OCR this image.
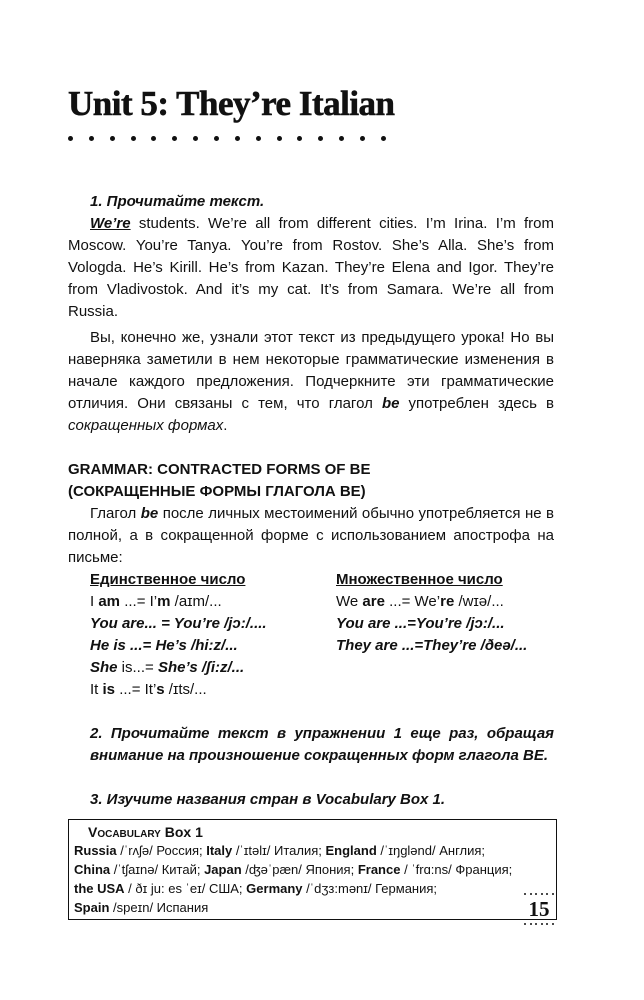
Unit 5: They’re Italian

1. Прочитайте текст.

We’re students. We’re all from different cities. I’m Irina. I’m from Moscow. You’re Tanya. You’re from Rostov. She’s Alla. She’s from Vologda. He’s Kirill. He’s from Kazan. They’re Elena and Igor. They’re from Vladivostok. And it’s my cat. It’s from Samara. We’re all from Russia.

Вы, конечно же, узнали этот текст из предыдущего урока! Но вы наверняка заметили в нем некоторые грамматические изменения в начале каждого предложения. Подчеркните эти грамматические отличия. Они связаны с тем, что глагол be употреблен здесь в сокращенных формах.

GRAMMAR: CONTRACTED FORMS OF BE

(СОКРАЩЕННЫЕ ФОРМЫ ГЛАГОЛА BE)

Глагол be после личных местоимений обычно употребляется не в полной, а в сокращенной форме с использованием апострофа на письме:

Единственное число
I am ...= I’m /aɪm/...
You are... = You’re /jɔ:/....
He is ...= He’s /hi:z/...
She is...= She’s /ʃi:z/...
It is ...= It’s /ɪts/...
Множественное число
We are ...= We’re /wɪə/...
You are ...=You’re /jɔ:/...
They are ...=They’re /ðeə/...

2. Прочитайте текст в упражнении 1 еще раз, обращая внимание на произношение сокращенных форм глагола BE.

3. Изучите названия стран в Vocabulary Box 1.

Vocabulary Box 1

Russia /ˈrʌʃə/ Россия; Italy /ˈɪtəlɪ/ Италия; England /ˈɪŋglənd/ Англия;
China /ˈtʃaɪnə/ Китай; Japan /ʤəˈpæn/ Япония; France / ˈfrɑ:ns/ Франция;
the USA / ðɪ ju: es ˈeɪ/ США; Germany /ˈdʒз:mənɪ/ Германия;
Spain /speɪn/ Испания	15
